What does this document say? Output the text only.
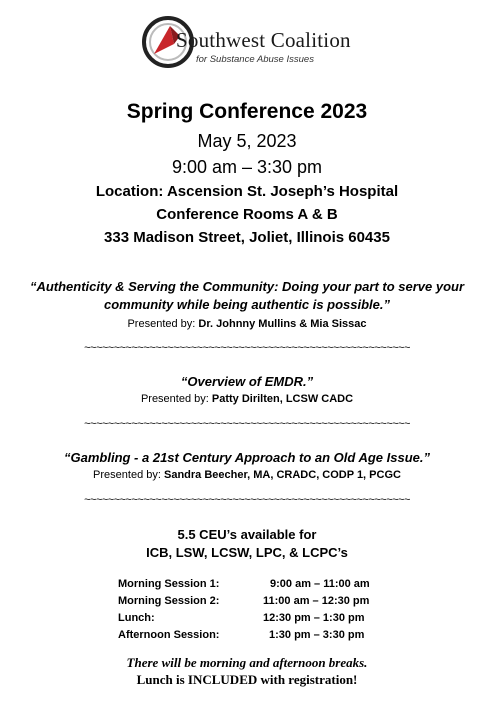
Southwest Coalition
for Substance Abuse Issues
Spring Conference 2023
May 5, 2023
9:00 am – 3:30 pm
Location: Ascension St. Joseph’s Hospital
Conference Rooms A & B
333 Madison Street, Joliet, Illinois 60435
“Authenticity & Serving the Community: Doing your part to serve your
community while being authentic is possible.”
Presented by: Dr. Johnny Mullins & Mia Sissac
~~~~~~~~~~~~~~~~~~~~~~~~~~~~~~~~~~~~~~~~~~~~~~~~~~~~~~~
“Overview of EMDR.”
Presented by: Patty Dirilten, LCSW CADC
~~~~~~~~~~~~~~~~~~~~~~~~~~~~~~~~~~~~~~~~~~~~~~~~~~~~~~~
“Gambling - a 21st Century Approach to an Old Age Issue.”
Presented by: Sandra Beecher, MA, CRADC, CODP 1, PCGC
~~~~~~~~~~~~~~~~~~~~~~~~~~~~~~~~~~~~~~~~~~~~~~~~~~~~~~~
5.5 CEU’s available for
ICB, LSW, LCSW, LPC, & LCPC’s
Morning Session 1:	9:00 am – 11:00 am
Morning Session 2:	11:00 am – 12:30 pm
Lunch:	12:30 pm – 1:30 pm
Afternoon Session:	1:30 pm – 3:30 pm
There will be morning and afternoon breaks.
Lunch is INCLUDED with registration!
